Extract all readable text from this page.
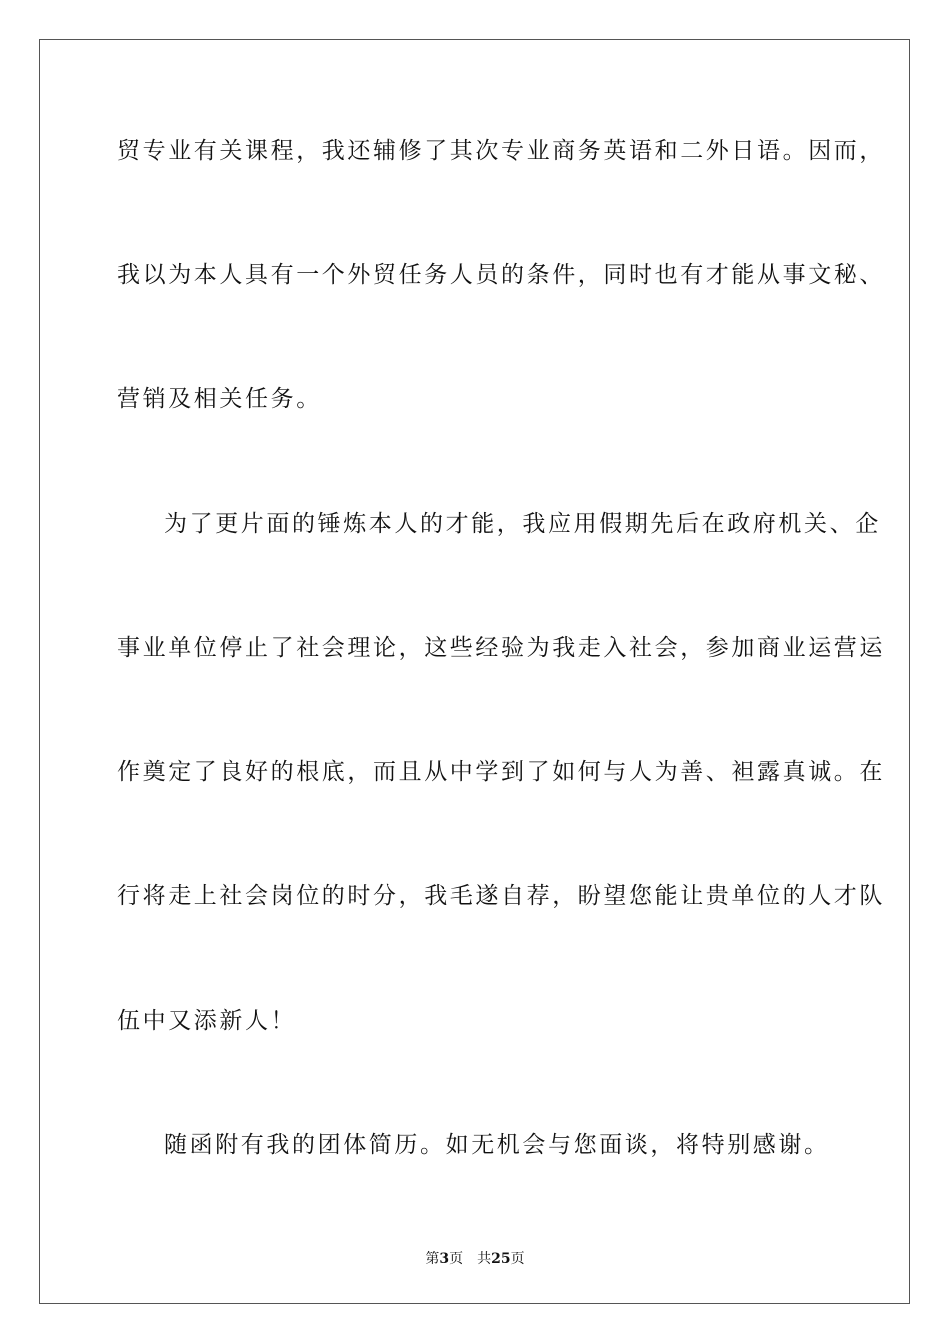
贸专业有关课程，我还辅修了其次专业商务英语和二外日语。因而，
我以为本人具有一个外贸任务人员的条件，同时也有才能从事文秘、
营销及相关任务。
为了更片面的锤炼本人的才能，我应用假期先后在政府机关、企
事业单位停止了社会理论，这些经验为我走入社会，参加商业运营运
作奠定了良好的根底，而且从中学到了如何与人为善、袒露真诚。在
行将走上社会岗位的时分，我毛遂自荐，盼望您能让贵单位的人才队
伍中又添新人！
随函附有我的团体简历。如无机会与您面谈，将特别感谢。
第3页 共25页
